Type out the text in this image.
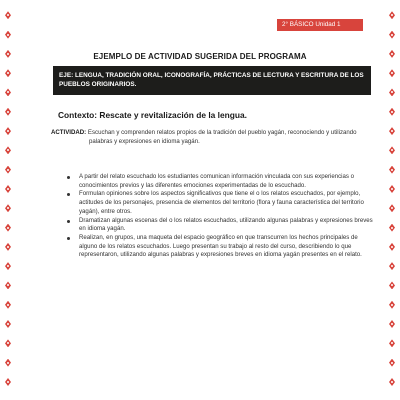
2° BÁSICO Unidad 1
EJEMPLO DE ACTIVIDAD SUGERIDA DEL PROGRAMA
EJE: LENGUA, TRADICIÓN ORAL, ICONOGRAFÍA, PRÁCTICAS DE LECTURA Y ESCRITURA DE LOS PUEBLOS ORIGINARIOS.
Contexto: Rescate y revitalización de la lengua.
ACTIVIDAD: Escuchan y comprenden relatos propios de la tradición del pueblo yagán, reconociendo y utilizando palabras y expresiones en idioma yagán.
A partir del relato escuchado los estudiantes comunican información vinculada con sus experiencias o conocimientos previos y las diferentes emociones experimentadas de lo escuchado.
Formulan opiniones sobre los aspectos significativos que tiene el o los relatos escuchados, por ejemplo, actitudes de los personajes, presencia de elementos del territorio (flora y fauna característica del territorio yagán), entre otros.
Dramatizan algunas escenas del o los relatos escuchados, utilizando algunas palabras y expresiones breves en idioma yagán.
Realizan, en grupos, una maqueta del espacio geográfico en que transcurren los hechos principales de alguno de los relatos escuchados. Luego presentan su trabajo al resto del curso, describiendo lo que representaron, utilizando algunas palabras y expresiones breves en idioma yagán presentes en el relato.
